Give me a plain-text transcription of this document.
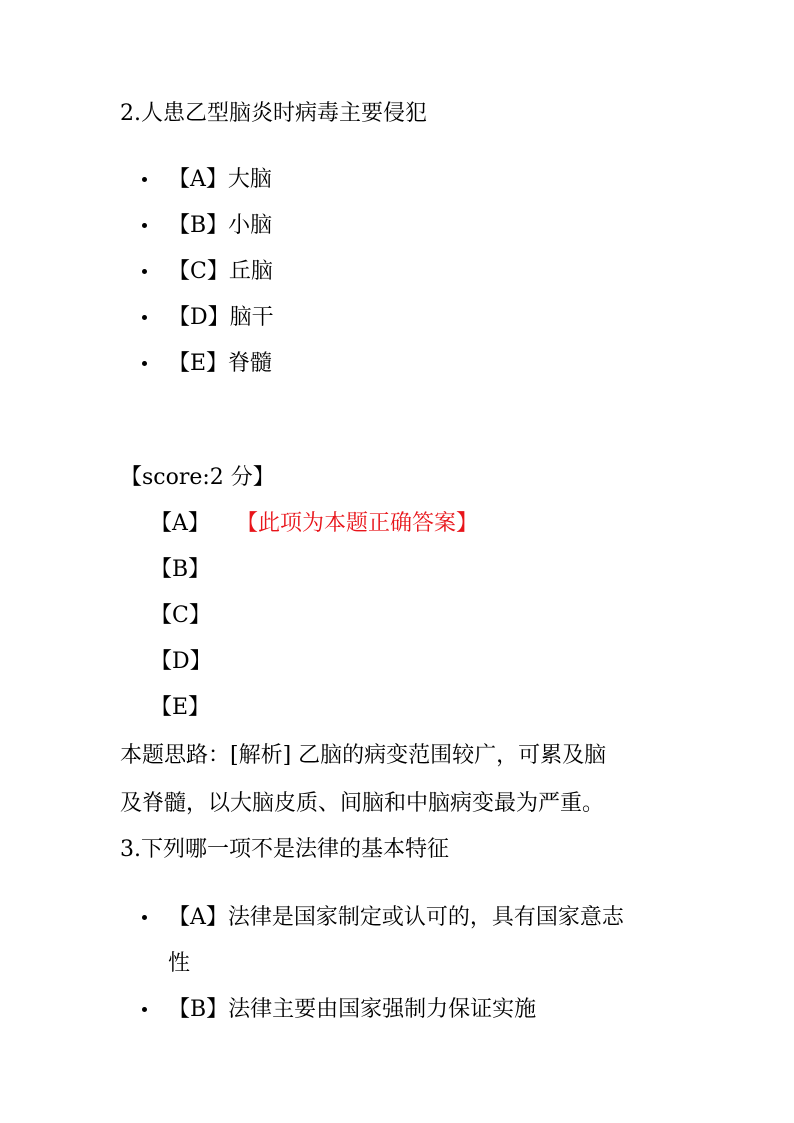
2.人患乙型脑炎时病毒主要侵犯
【A】大脑
【B】小脑
【C】丘脑
【D】脑干
【E】脊髓
【score:2 分】
【A】 【此项为本题正确答案】
【B】
【C】
【D】
【E】
本题思路：[解析] 乙脑的病变范围较广，可累及脑
及脊髓，以大脑皮质、间脑和中脑病变最为严重。
3.下列哪一项不是法律的基本特征
【A】法律是国家制定或认可的，具有国家意志
性
【B】法律主要由国家强制力保证实施
